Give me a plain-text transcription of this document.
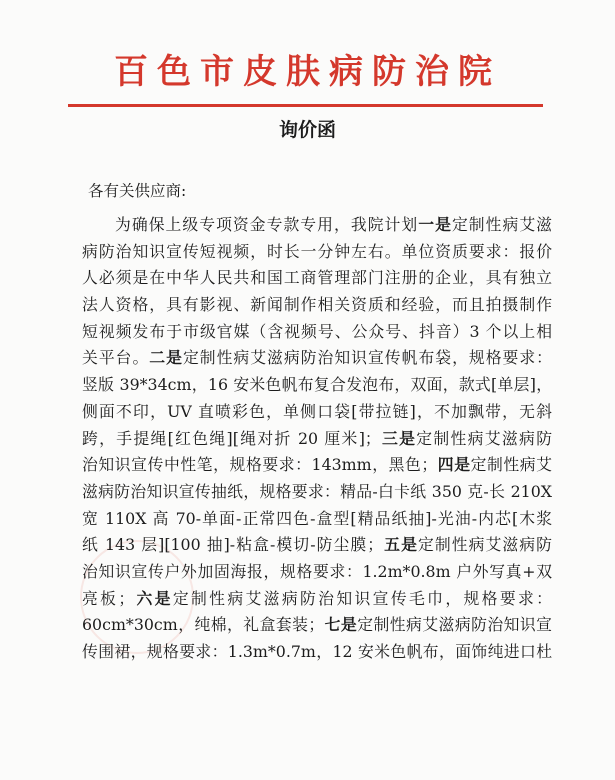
百色市皮肤病防治院
询价函
各有关供应商:
为确保上级专项资金专款专用，我院计划一是定制性病艾滋
病防治知识宣传短视频，时长一分钟左右。单位资质要求：报价
人必须是在中华人民共和国工商管理部门注册的企业，具有独立
法人资格，具有影视、新闻制作相关资质和经验，而且拍摄制作
短视频发布于市级官媒（含视频号、公众号、抖音）3 个以上相
关平台。二是定制性病艾滋病防治知识宣传帆布袋，规格要求：
竖版 39*34cm，16 安米色帆布复合发泡布，双面，款式[单层]，
侧面不印，UV 直喷彩色，单侧口袋[带拉链]，不加飘带，无斜
跨，手提绳[红色绳][绳对折 20 厘米]；三是定制性病艾滋病防
治知识宣传中性笔，规格要求：143mm，黑色；四是定制性病艾
滋病防治知识宣传抽纸，规格要求：精品-白卡纸 350 克-长 210X
宽 110X 高 70-单面-正常四色-盒型[精品纸抽]-光油-内芯[木浆
纸 143 层][100 抽]-粘盒-模切-防尘膜；五是定制性病艾滋病防
治知识宣传户外加固海报，规格要求：1.2m*0.8m 户外写真+双
亮板；六是定制性病艾滋病防治知识宣传毛巾，规格要求：
60cm*30cm，纯棉，礼盒套装；七是定制性病艾滋病防治知识宣
传围裙，规格要求：1.3m*0.7m，12 安米色帆布，面饰纯进口杜
